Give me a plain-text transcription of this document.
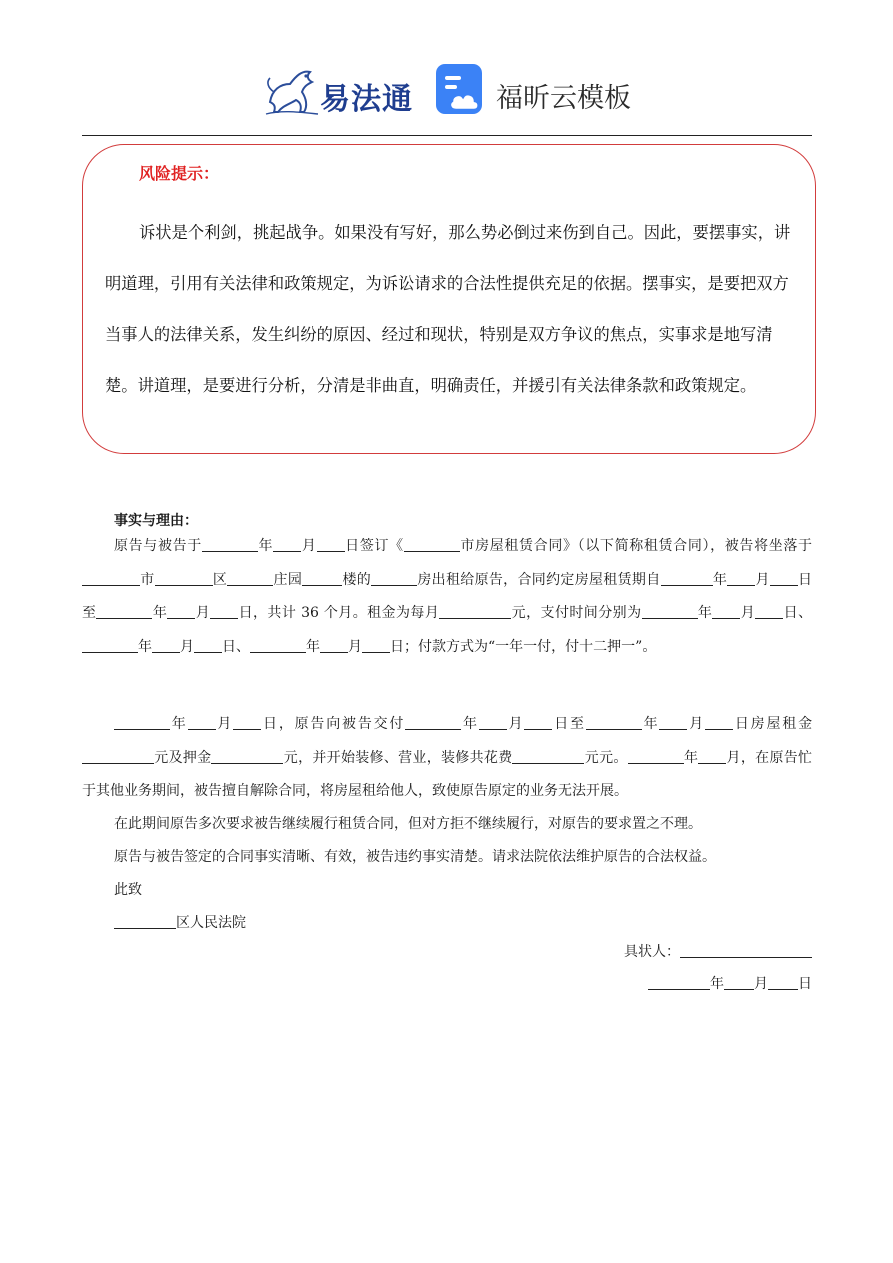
易法通	福昕云模板
风险提示：

诉状是个利剑，挑起战争。如果没有写好，那么势必倒过来伤到自己。因此，要摆事实，讲明道理，引用有关法律和政策规定，为诉讼请求的合法性提供充足的依据。摆事实，是要把双方当事人的法律关系，发生纠纷的原因、经过和现状，特别是双方争议的焦点，实事求是地写清楚。讲道理，是要进行分析，分清是非曲直，明确责任，并援引有关法律条款和政策规定。

事实与理由：

原告与被告于	年 月 日签订《	市房屋租赁合同》（以下简称租赁合同），被告将坐落于市	区	庄园	楼的	房出租给原告，合同约定房屋租赁期自	年 月 日至	年 月 日，共计 36 个月。租金为每月	元，支付时间分别为	年 月 日、年 月 日、	年 月 日；付款方式为“一年一付，付十二押一”。

年 月 日，原告向被告交付	年 月 日至	年 月 日房屋租金元及押金	元，并开始装修、营业，装修共花费	元元。	年 月，在原告忙于其他业务期间，被告擅自解除合同，将房屋租给他人，致使原告原定的业务无法开展。

在此期间原告多次要求被告继续履行租赁合同，但对方拒不继续履行，对原告的要求置之不理。

原告与被告签定的合同事实清晰、有效，被告违约事实清楚。请求法院依法维护原告的合法权益。

此致

区人民法院

具状人：

年 月 日
